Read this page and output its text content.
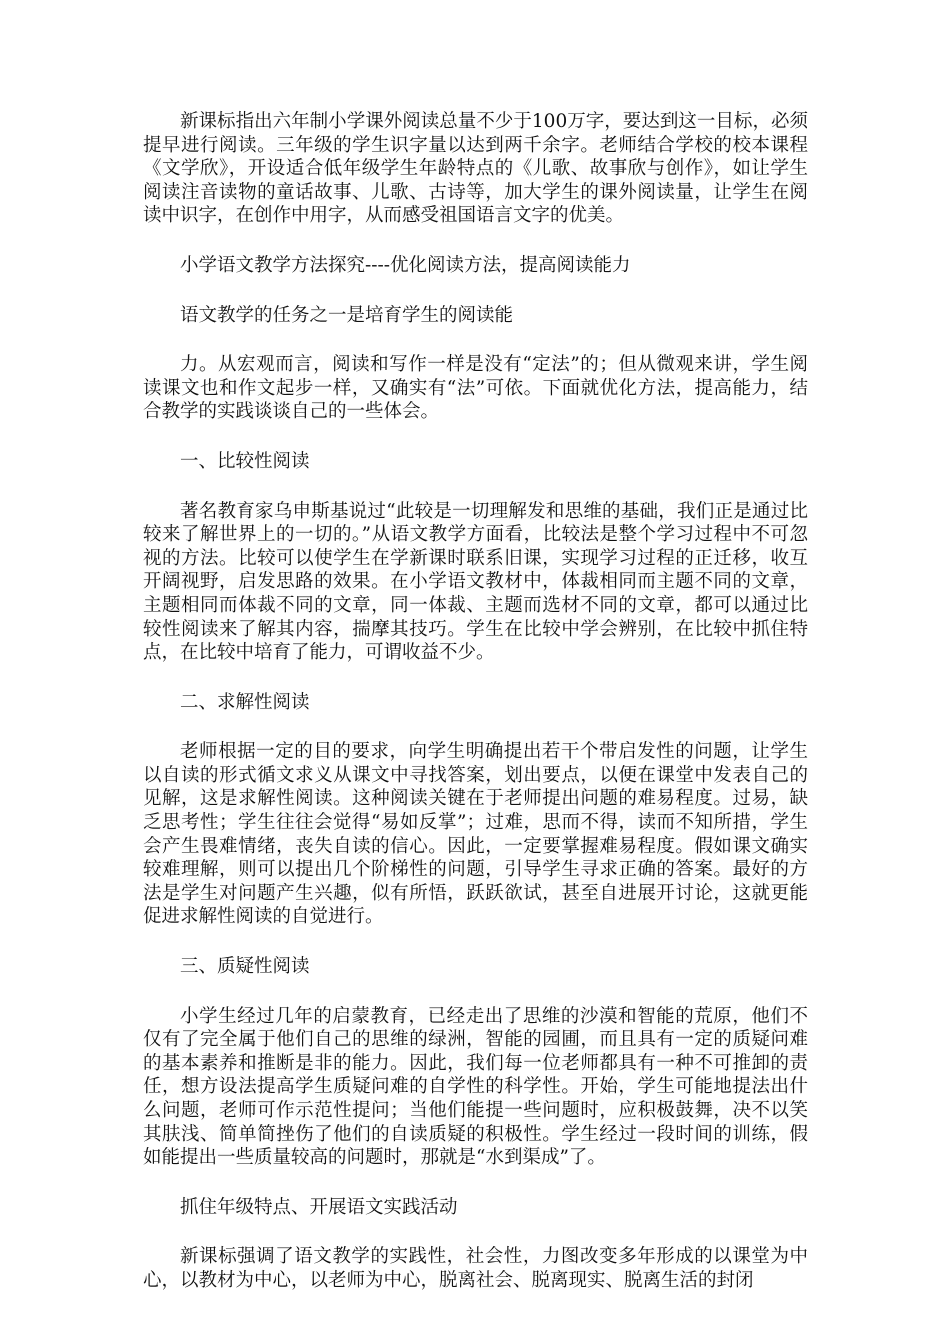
新课标指出六年制小学课外阅读总量不少于100万字，要达到这一目标，必须提早进行阅读。三年级的学生识字量以达到两千余字。老师结合学校的校本课程《文学欣》，开设适合低年级学生年龄特点的《儿歌、故事欣与创作》，如让学生阅读注音读物的童话故事、儿歌、古诗等，加大学生的课外阅读量，让学生在阅读中识字，在创作中用字，从而感受祖国语言文字的优美。

小学语文教学方法探究----优化阅读方法，提高阅读能力

语文教学的任务之一是培育学生的阅读能

力。从宏观而言，阅读和写作一样是没有“定法”的；但从微观来讲，学生阅读课文也和作文起步一样，又确实有“法”可依。下面就优化方法，提高能力，结合教学的实践谈谈自己的一些体会。

一、比较性阅读

著名教育家乌申斯基说过“此较是一切理解发和思维的基础，我们正是通过比较来了解世界上的一切的。”从语文教学方面看，比较法是整个学习过程中不可忽视的方法。比较可以使学生在学新课时联系旧课，实现学习过程的正迁移，收互开阔视野，启发思路的效果。在小学语文教材中，体裁相同而主题不同的文章，主题相同而体裁不同的文章，同一体裁、主题而选材不同的文章，都可以通过比较性阅读来了解其内容，揣摩其技巧。学生在比较中学会辨别，在比较中抓住特点，在比较中培育了能力，可谓收益不少。

二、求解性阅读

老师根据一定的目的要求，向学生明确提出若干个带启发性的问题，让学生以自读的形式循文求义从课文中寻找答案，划出要点，以便在课堂中发表自己的见解，这是求解性阅读。这种阅读关键在于老师提出问题的难易程度。过易，缺乏思考性；学生往往会觉得“易如反掌”；过难，思而不得，读而不知所措，学生会产生畏难情绪，丧失自读的信心。因此，一定要掌握难易程度。假如课文确实较难理解，则可以提出几个阶梯性的问题，引导学生寻求正确的答案。最好的方法是学生对问题产生兴趣，似有所悟，跃跃欲试，甚至自进展开讨论，这就更能促进求解性阅读的自觉进行。

三、质疑性阅读

小学生经过几年的启蒙教育，已经走出了思维的沙漠和智能的荒原，他们不仅有了完全属于他们自己的思维的绿洲，智能的园圃，而且具有一定的质疑问难的基本素养和推断是非的能力。因此，我们每一位老师都具有一种不可推卸的责任，想方设法提高学生质疑问难的自学性的科学性。开始，学生可能地提法出什么问题，老师可作示范性提问；当他们能提一些问题时，应积极鼓舞，决不以笑其肤浅、简单简挫伤了他们的自读质疑的积极性。学生经过一段时间的训练，假如能提出一些质量较高的问题时，那就是“水到渠成”了。

抓住年级特点、开展语文实践活动

新课标强调了语文教学的实践性，社会性，力图改变多年形成的以课堂为中心，以教材为中心，以老师为中心，脱离社会、脱离现实、脱离生活的封闭
